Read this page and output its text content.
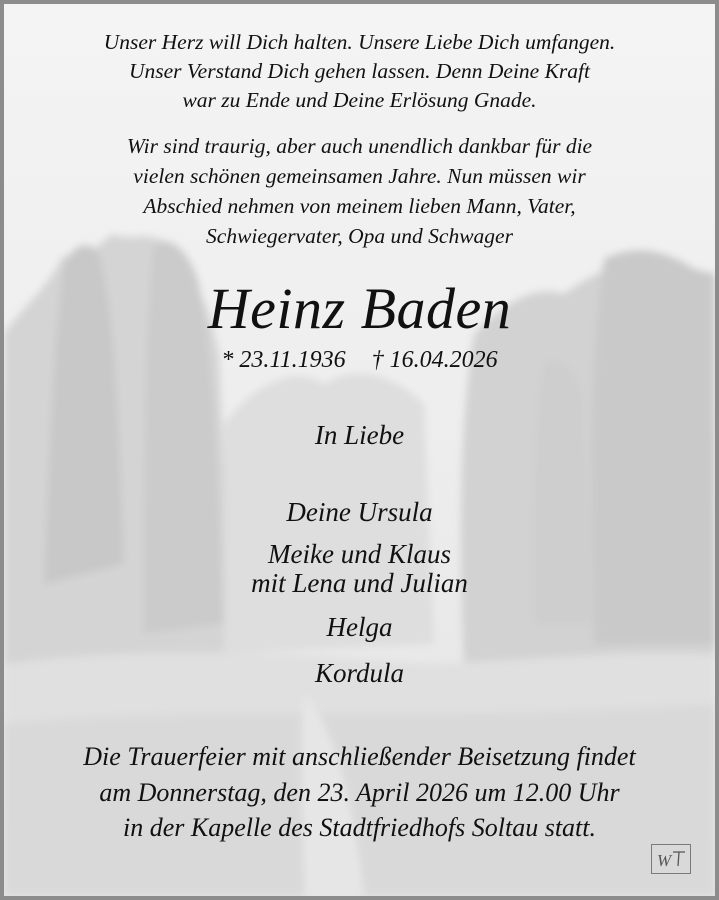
Unser Herz will Dich halten. Unsere Liebe Dich umfangen.

Unser Verstand Dich gehen lassen. Denn Deine Kraft

war zu Ende und Deine Erlösung Gnade.

Wir sind traurig, aber auch unendlich dankbar für die

vielen schönen gemeinsamen Jahre. Nun müssen wir

Abschied nehmen von meinem lieben Mann, Vater,

Schwiegervater, Opa und Schwager

Heinz Baden

* 23.11.1936 † 16.04.2026

In Liebe

Deine Ursula

Meike und Klaus

mit Lena und Julian

Helga

Kordula

Die Trauerfeier mit anschließender Beisetzung findet

am Donnerstag, den 23. April 2026 um 12.00 Uhr

in der Kapelle des Stadtfriedhofs Soltau statt.

W
